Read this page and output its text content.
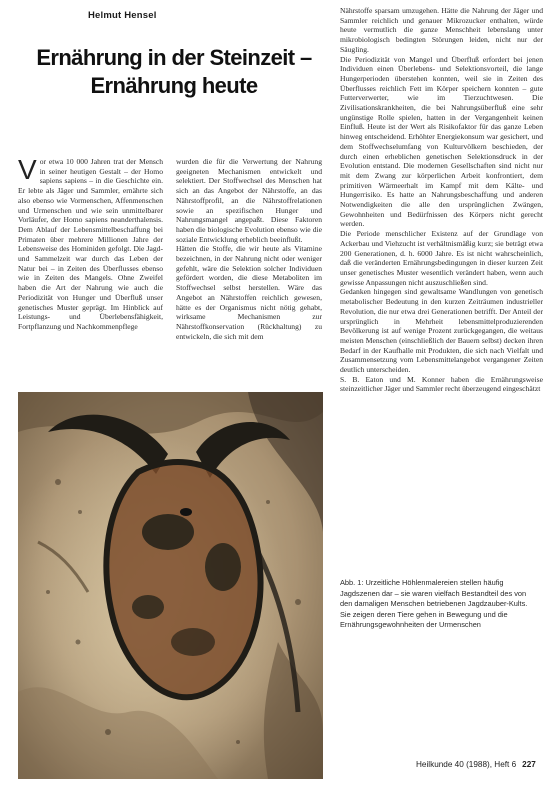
Helmut Hensel
Ernährung in der Steinzeit –
Ernährung heute

Vor etwa 10 000 Jahren trat der Mensch in seiner heutigen Gestalt – der Homo sapiens sapiens – in die Geschichte ein. Er lebte als Jäger und Sammler, ernährte sich also ebenso wie Vormenschen, Affenmenschen und Urmenschen und wie sein unmittelbarer Vorläufer, der Homo sapiens neanderthalensis. Dem Ablauf der Lebensmittelbeschaffung bei Primaten über mehrere Millionen Jahre der Lebensweise des Hominiden gefolgt. Die Jagd- und Sammelzeit war durch das Leben der Natur bei – in Zeiten des Überflusses ebenso wie in Zeiten des Mangels. Ohne Zweifel haben die Art der Nahrung wie auch die Periodizität von Hunger und Überfluß unser genetisches Muster geprägt. Im Hinblick auf Leistungs- und Überlebensfähigkeit, Fortpflanzung und Nachkommenpflege

wurden die für die Verwertung der Nahrung geeigneten Mechanismen entwickelt und selektiert. Der Stoffwechsel des Menschen hat sich an das Angebot der Nährstoffe, an das Nährstoffprofil, an die Nährstoffrelationen sowie an spezifischen Hunger und Nahrungsmangel angepaßt. Diese Faktoren haben die biologische Evolution ebenso wie die soziale Entwicklung erheblich beeinflußt.

Hätten die Stoffe, die wir heute als Vitamine bezeichnen, in der Nahrung nicht oder weniger gefehlt, wäre die Selektion solcher Individuen gefördert worden, die diese Metaboliten im Stoffwechsel selbst herstellen. Wäre das Angebot an Nährstoffen reichlich gewesen, hätte es der Organismus nicht nötig gehabt, wirksame Mechanismen zur Nährstoffkonservation (Rückhaltung) zu entwickeln, die sich mit dem

Nährstoffe sparsam umzugehen. Hätte die Nahrung der Jäger und Sammler reichlich und genauer Mikrozucker enthalten, würde heute vermutlich die ganze Menschheit lebenslang unter mikrobiologisch bedingten Störungen leiden, nicht nur der Säugling.

Die Periodizität von Mangel und Überfluß erfordert bei jenen Individuen einen Überlebens- und Selektionsvorteil, die lange Hungerperioden überstehen konnten, weil sie in Zeiten des Überflusses reichlich Fett im Körper speichern konnten – gute Futterverwerter, wie im Tierzuchtwesen. Die Zivilisationskrankheiten, die bei Nahrungsüberfluß eine sehr ungünstige Rolle spielen, hatten in der Vergangenheit keinen Einfluß. Heute ist der Wert als Risikofaktor für das ganze Leben hinweg entscheidend. Erhöhter Energiekonsum war gesichert, und dem Stoffwechselumfang von Kulturvölkern beschieden, der durch einen erheblichen genetischen Selektionsdruck in der Evolution entstand. Die modernen Gesellschaften sind nicht nur mit dem Zwang zur körperlichen Arbeit konfrontiert, dem primitiven Wärmeerhalt im Kampf mit dem Kälte- und Hungerrisiko. Es hatte an Nahrungsbeschaffung und anderen Notwendigkeiten die alle den ursprünglichen Zwängen, Gewohnheiten und Bedürfnissen des Körpers nicht gerecht werden.

Die Periode menschlicher Existenz auf der Grundlage von Ackerbau und Viehzucht ist verhältnismäßig kurz; sie beträgt etwa 200 Generationen, d. h. 6000 Jahre. Es ist nicht wahrscheinlich, daß die veränderten Ernährungsbedingungen in dieser kurzen Zeit unser genetisches Muster wesentlich verändert haben, wenn auch gewisse Anpassungen nicht auszuschließen sind.

Gedanken hingegen sind gewaltsame Wandlungen von genetisch metabolischer Bedeutung in den kurzen Zeiträumen industrieller Revolution, die nur etwa drei Generationen betrifft. Der Anteil der ursprünglich in Mehrheit lebensmittelproduzierenden Bevölkerung ist auf wenige Prozent zurückgegangen, die weitaus meisten Menschen (einschließlich der Bauern selbst) decken ihren Bedarf in der Kaufhalle mit Produkten, die sich nach Vielfalt und Zusammensetzung vom Lebensmittelangebot vergangener Zeiten deutlich unterscheiden.

S. B. Eaton und M. Konner haben die Ernährungsweise steinzeitlicher Jäger und Sammler recht überzeugend eingeschätzt

Abb. 1: Urzeitliche Höhlenmalereien stellen häufig Jagdszenen dar – sie waren vielfach Bestandteil des von den damaligen Menschen betriebenen Jagdzauber-Kults. Sie zeigen deren Tiere gehen in Bewegung und die Ernährungsgewohnheiten der Urmenschen

Heilkunde 40 (1988), Heft 6 227
